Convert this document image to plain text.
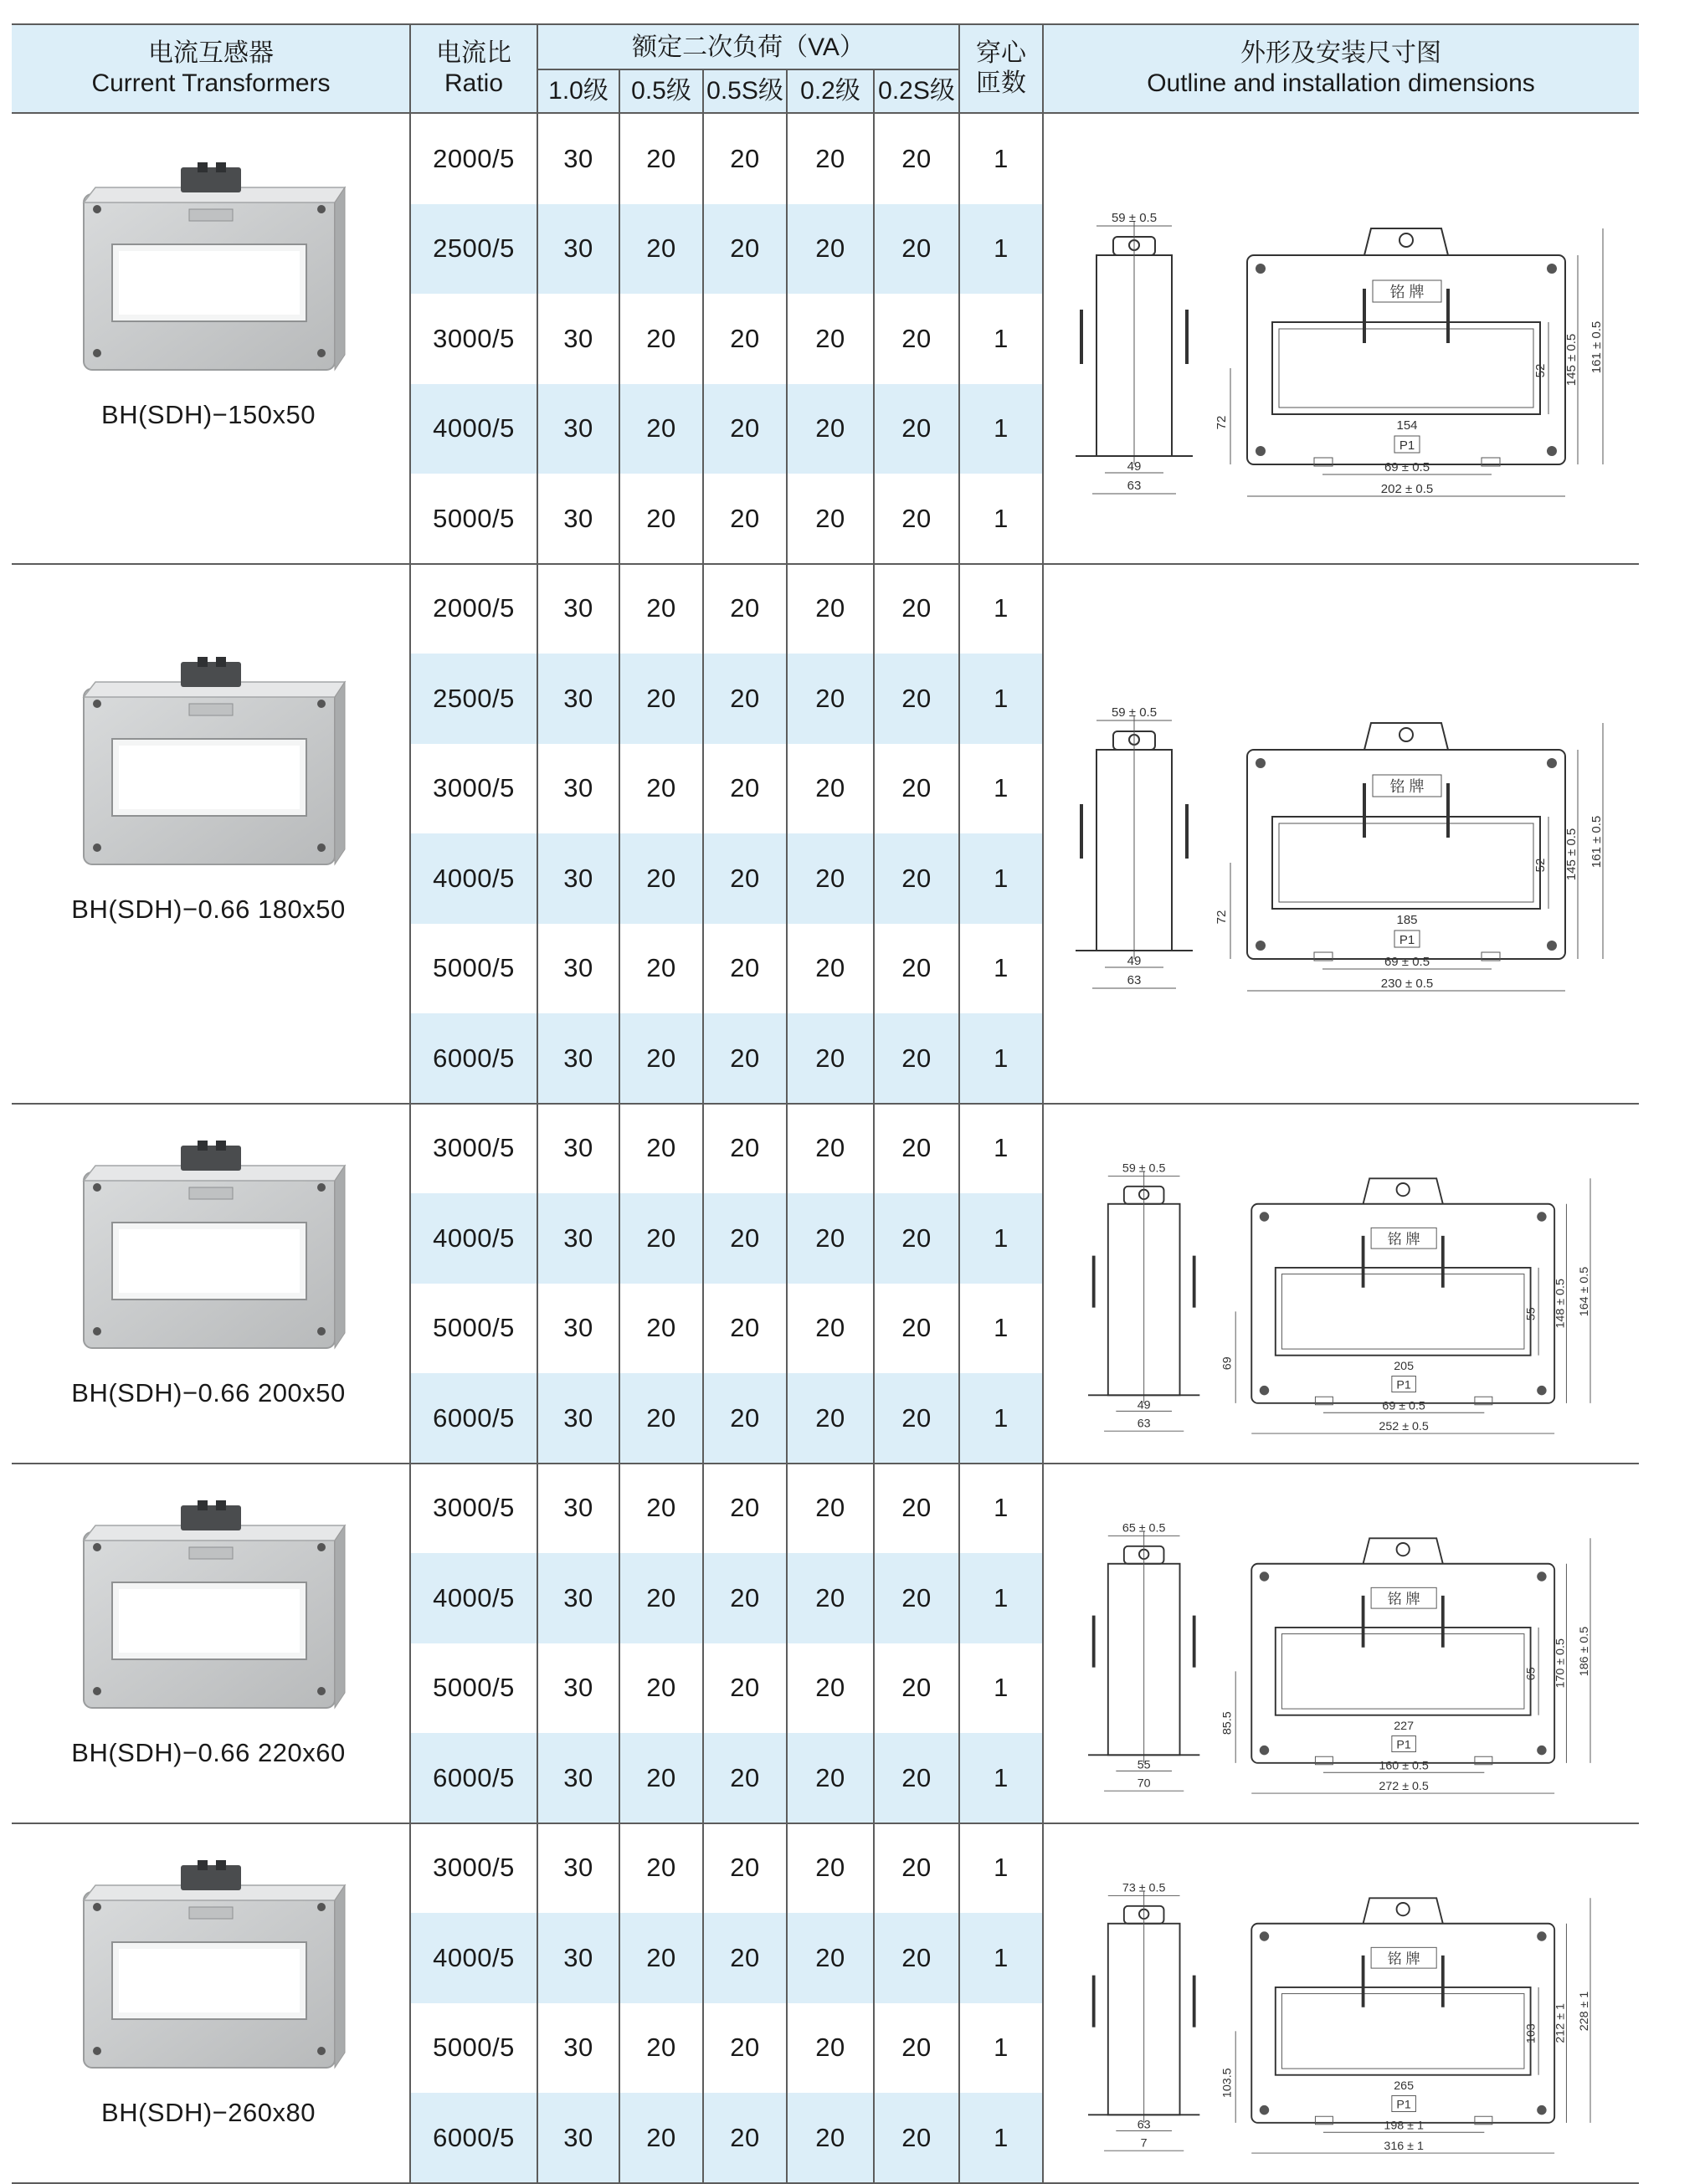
电流互感器
Current Transformers
电流比
Ratio
额定二次负荷（VA）
1.0级 0.5级 0.5S级 0.2级 0.2S级
穿心
匝数
外形及安装尺寸图
Outline and installation dimensions
2000/5	30	20	20	20	20	1
2500/5	30	20	20	20	20	1
3000/5	30	20	20	20	20	1
4000/5	30	20	20	20	20	1
5000/5	30	20	20	20	20	1
BH(SDH)−150x50
59 ± 0.5
49
63
铭 牌
154
P1
69 ± 0.5
202 ± 0.5
72
52 145 ± 0.5 161 ± 0.5
2000/5	30	20	20	20	20	1
2500/5	30	20	20	20	20	1
3000/5	30	20	20	20	20	1
4000/5	30	20	20	20	20	1
5000/5	30	20	20	20	20	1
6000/5	30	20	20	20	20	1
BH(SDH)−0.66 180x50
59 ± 0.5
49
63
铭 牌
185
P1
69 ± 0.5
230 ± 0.5
72
52 145 ± 0.5 161 ± 0.5
3000/5	30	20	20	20	20	1
4000/5	30	20	20	20	20	1
5000/5	30	20	20	20	20	1
6000/5	30	20	20	20	20	1
BH(SDH)−0.66 200x50
59 ± 0.5
49
63
铭 牌
205
P1
69 ± 0.5
252 ± 0.5
69
55 148 ± 0.5 164 ± 0.5
3000/5	30	20	20	20	20	1
4000/5	30	20	20	20	20	1
5000/5	30	20	20	20	20	1
6000/5	30	20	20	20	20	1
BH(SDH)−0.66 220x60
65 ± 0.5
55
70
铭 牌
227
P1
160 ± 0.5
272 ± 0.5
85.5
65 170 ± 0.5 186 ± 0.5
3000/5	30	20	20	20	20	1
4000/5	30	20	20	20	20	1
5000/5	30	20	20	20	20	1
6000/5	30	20	20	20	20	1
BH(SDH)−260x80
73 ± 0.5
63
7
铭 牌
265
P1
198 ± 1
316 ± 1
103.5
103 212 ± 1 228 ± 1
